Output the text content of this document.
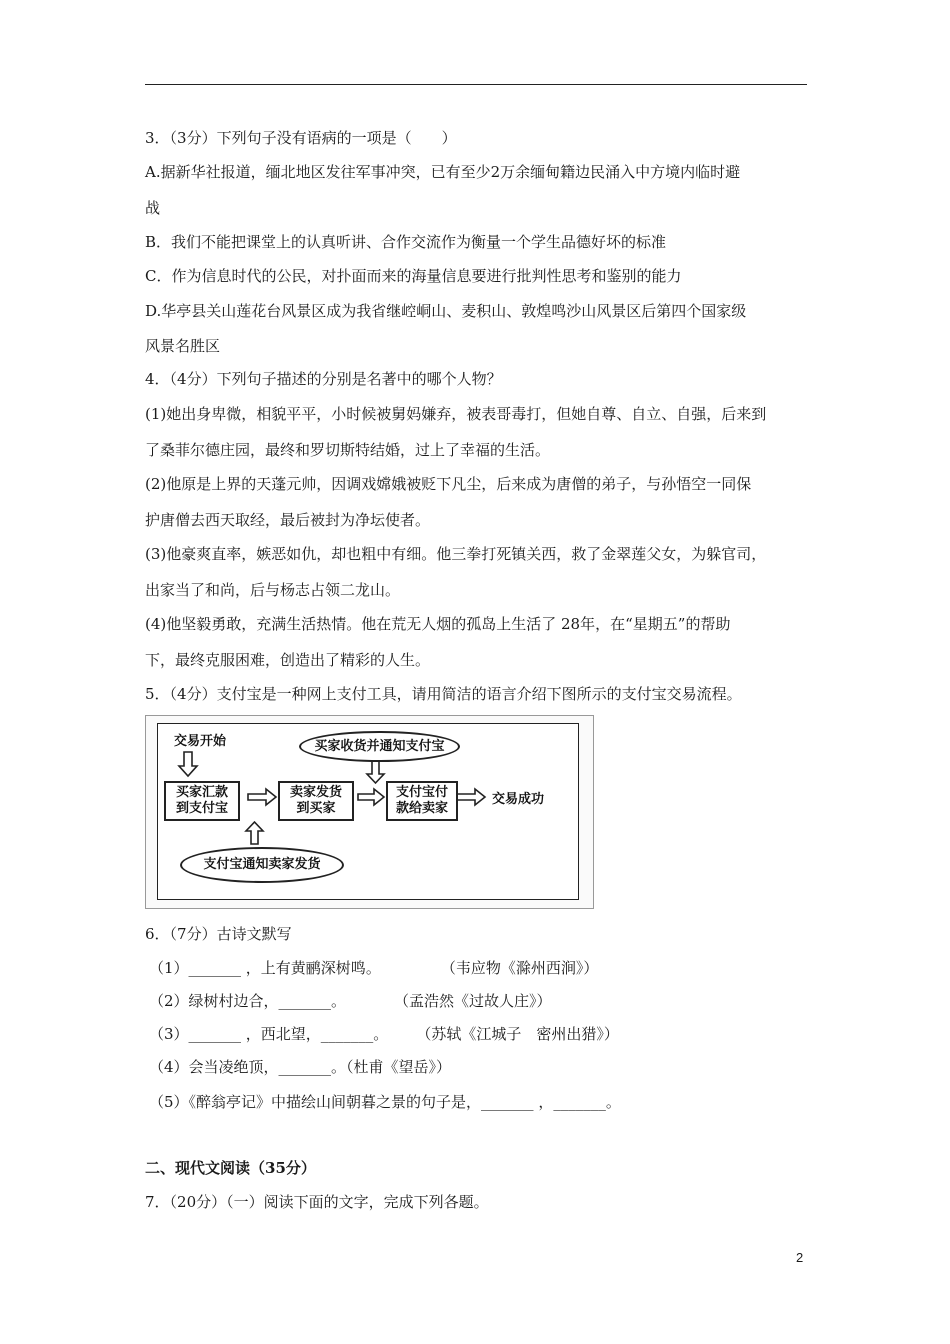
3．（3分）下列句子没有语病的一项是（　　）
A.据新华社报道，缅北地区发往军事冲突，已有至少2万余缅甸籍边民涌入中方境内临时避
战
B．我们不能把课堂上的认真听讲、合作交流作为衡量一个学生品德好坏的标准
C．作为信息时代的公民，对扑面而来的海量信息要进行批判性思考和鉴别的能力
D.华亭县关山莲花台风景区成为我省继崆峒山、麦积山、敦煌鸣沙山风景区后第四个国家级
风景名胜区
4．（4分）下列句子描述的分别是名著中的哪个人物？
(1)她出身卑微，相貌平平，小时候被舅妈嫌弃，被表哥毒打，但她自尊、自立、自强，后来到
了桑菲尔德庄园，最终和罗切斯特结婚，过上了幸福的生活。
(2)他原是上界的天蓬元帅，因调戏嫦娥被贬下凡尘，后来成为唐僧的弟子，与孙悟空一同保
护唐僧去西天取经，最后被封为净坛使者。
(3)他豪爽直率，嫉恶如仇，却也粗中有细。他三拳打死镇关西，救了金翠莲父女，为躲官司，
出家当了和尚，后与杨志占领二龙山。
(4)他坚毅勇敢，充满生活热情。他在荒无人烟的孤岛上生活了 28年，在“星期五”的帮助
下，最终克服困难，创造出了精彩的人生。
5．（4分）支付宝是一种网上支付工具，请用简洁的语言介绍下图所示的支付宝交易流程。
交易开始
买家汇款
到支付宝
卖家发货
到买家
支付宝付
款给卖家
交易成功
买家收货并通知支付宝
支付宝通知卖家发货
6．（7分）古诗文默写
（1）_______ ，上有黄鹂深树鸣。	（韦应物《滁州西涧》）
（2）绿树村边合，_______。	（孟浩然《过故人庄》）
（3）_______ ，西北望，_______。 （苏轼《江城子　密州出猎》）
（4）会当凌绝顶，_______。（杜甫《望岳》）
（5）《醉翁亭记》中描绘山间朝暮之景的句子是，_______ ，_______。
二、现代文阅读（35分）
7．（20分）（一）阅读下面的文字，完成下列各题。
2
